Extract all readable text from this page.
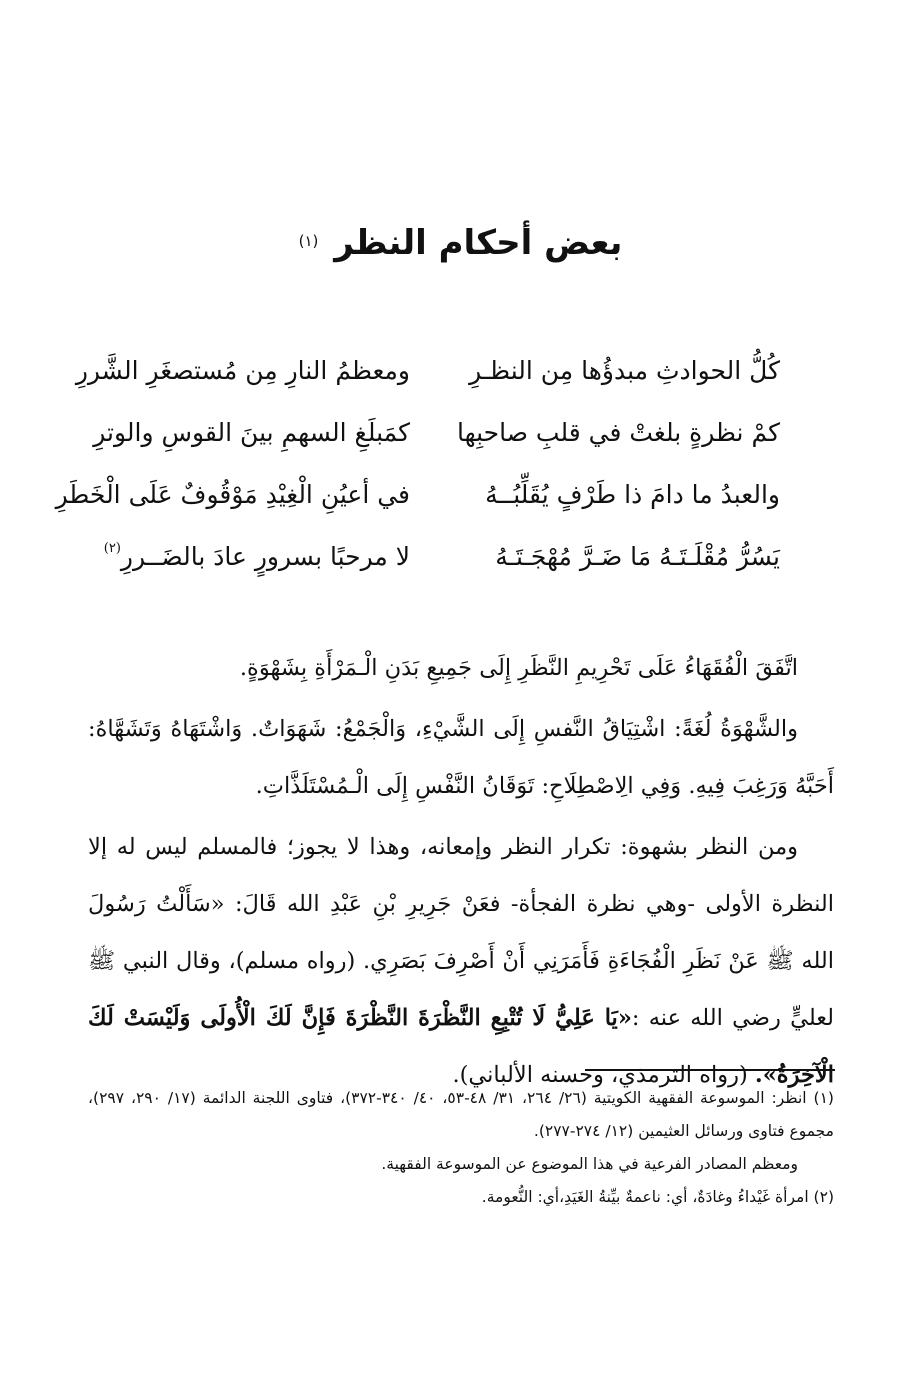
بعض أحكام النظر $^{(١)}$
كُلُّ الحوادثِ مبدؤُها مِن النظـرِ
ومعظمُ النارِ مِن مُستصغَرِ الشَّررِ
كمْ نظرةٍ بلغتْ في قلبِ صاحبِها
كمَبلَغِ السهمِ بينَ القوسِ والوترِ
والعبدُ ما دامَ ذا طَرْفٍ يُقَلِّبُــهُ
في أعيُنِ الْغِيْدِ مَوْقُوفٌ عَلَى الْخَطَرِ
يَسُرُّ مُقْلَـتَـهُ مَا ضَـرَّ مُهْجَـتَـهُ
لا مرحبًا بسرورٍ عادَ بالضَــررِ$^{(٢)}$

اتَّفَقَ الْفُقَهَاءُ عَلَى تَحْرِيمِ النَّظَرِ إِلَى جَمِيعِ بَدَنِ الْـمَرْأَةِ بِشَهْوَةٍ.

والشَّهْوَةُ لُغَةً: اشْتِيَاقُ النَّفسِ إِلَى الشَّيْءِ، وَالْجَمْعُ: شَهَوَاتٌ. وَاشْتَهَاهُ وَتَشَهَّاهُ: أَحَبَّهُ وَرَغِبَ فِيهِ. وَفِي الِاصْطِلَاحِ: تَوَقَانُ النَّفْسِ إِلَى الْـمُسْتَلَذَّاتِ.

ومن النظر بشهوة: تكرار النظر وإمعانه، وهذا لا يجوز؛ فالمسلم ليس له إلا النظرة الأولى -وهي نظرة الفجأة- فعَنْ جَرِيرِ بْنِ عَبْدِ الله قَالَ: «سَأَلْتُ رَسُولَ الله ﷺ عَنْ نَظَرِ الْفُجَاءَةِ فَأَمَرَنِي أَنْ أَصْرِفَ بَصَرِي. (رواه مسلم)، وقال النبي ﷺ لعليٍّ رضي الله عنه :«يَا عَلِيُّ لَا تُتْبِعِ النَّظْرَةَ النَّظْرَةَ فَإِنَّ لَكَ الْأُولَى وَلَيْسَتْ لَكَ الْآخِرَةُ». (رواه الترمذي، وحسنه الألباني).

(١) انظر: الموسوعة الفقهية الكويتية (٢٦/ ٢٦٤، ٣١/ ٤٨-٥٣، ٤٠/ ٣٤٠-٣٧٢)، فتاوى اللجنة الدائمة (١٧/ ٢٩٠، ٢٩٧)، مجموع فتاوى ورسائل العثيمين (١٢/ ٢٧٤-٢٧٧).

ومعظم المصادر الفرعية في هذا الموضوع عن الموسوعة الفقهية.

(٢) امرأة غَيْداءُ وغادَةٌ، أي: ناعمةٌ بيِّنةُ الغَيَدِ،أي: النُّعومة.
